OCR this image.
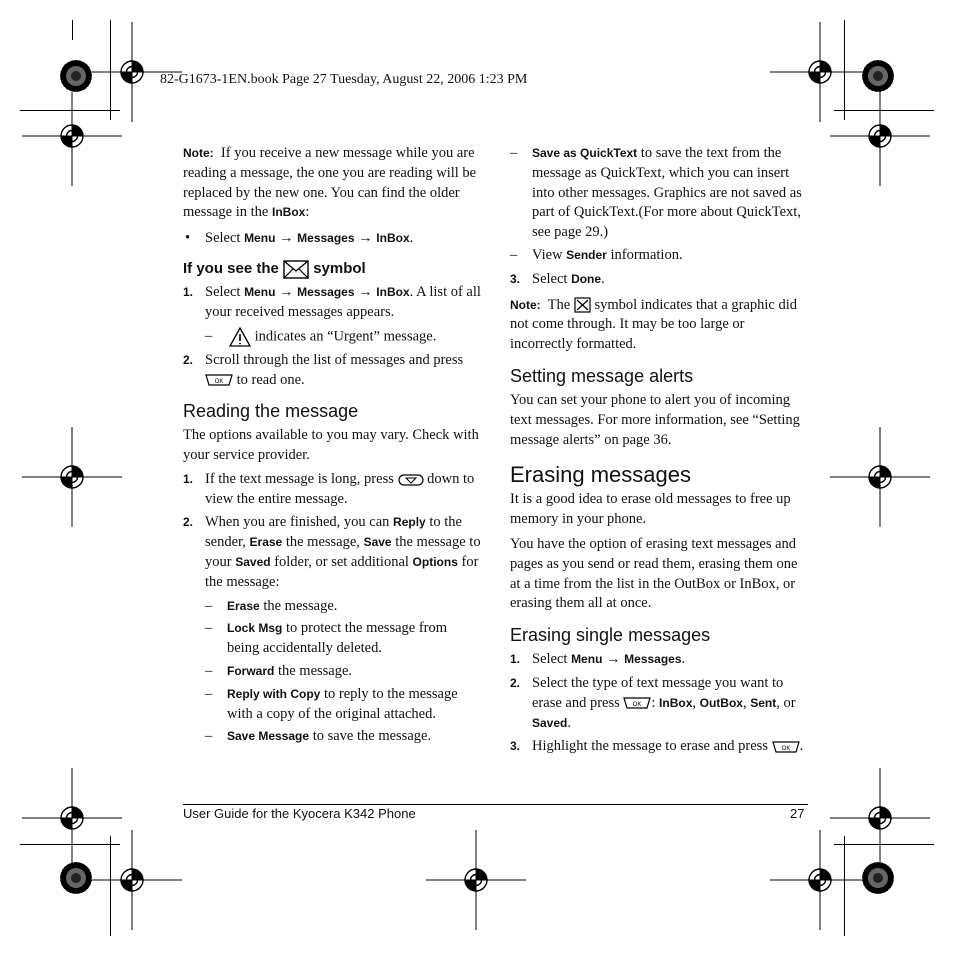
82-G1673-1EN.book Page 27 Tuesday, August 22, 2006 1:23 PM

Note: If you receive a new message while you are reading a message, the one you are reading will be replaced by the new one. You can find the older message in the InBox:

• Select Menu → Messages → InBox.

If you see the symbol

1. Select Menu → Messages → InBox. A list of all your received messages appears.
–	indicates an “Urgent” message.
2. Scroll through the list of messages and press

OK to read one.

Reading the message

The options available to you may vary. Check with your service provider.

1. If the text message is long, press down to view the entire message.
2. When you are finished, you can Reply to the sender, Erase the message, Save the message to your Saved folder, or set additional Options for the message:
– Erase the message.
– Lock Msg to protect the message from being accidentally deleted.
– Forward the message.
– Reply with Copy to reply to the message with a copy of the original attached.
– Save Message to save the message.
– Save as QuickText to save the text from the message as QuickText, which you can insert into other messages. Graphics are not saved as part of QuickText.(For more about QuickText, see page 29.)
– View Sender information.
3. Select Done.

Note: The symbol indicates that a graphic did not come through. It may be too large or incorrectly formatted.

Setting message alerts

You can set your phone to alert you of incoming text messages. For more information, see “Setting message alerts” on page 36.

Erasing messages

It is a good idea to erase old messages to free up memory in your phone.

You have the option of erasing text messages and pages as you send or read them, erasing them one at a time from the list in the OutBox or InBox, or erasing them all at once.

Erasing single messages

1. Select Menu → Messages.
2. Select the type of text message you want to erase and press OK : InBox, OutBox, Sent, or Saved.
3. Highlight the message to erase and press OK .
User Guide for the Kyocera K342 Phone	27
